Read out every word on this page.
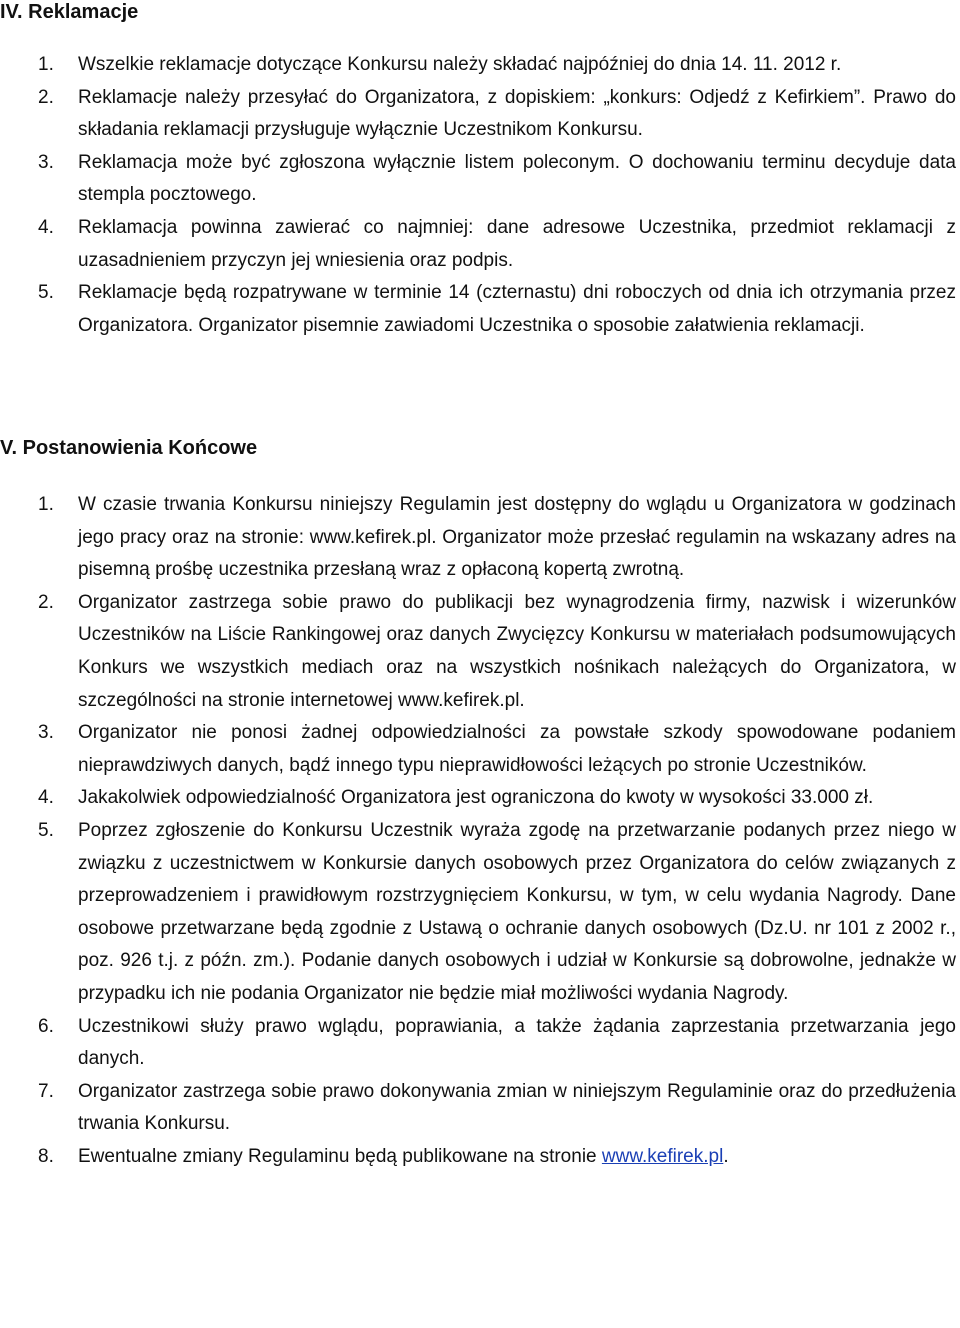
IV. Reklamacje
1.	Wszelkie reklamacje dotyczące Konkursu należy składać najpóźniej do dnia 14. 11. 2012 r.
2.	Reklamacje należy przesyłać do Organizatora, z dopiskiem: „konkurs: Odjedź z Kefirkiem”. Prawo do składania reklamacji przysługuje wyłącznie Uczestnikom Konkursu.
3.	Reklamacja może być zgłoszona wyłącznie listem poleconym. O dochowaniu terminu decyduje data stempla pocztowego.
4.	Reklamacja powinna zawierać co najmniej: dane adresowe Uczestnika, przedmiot reklamacji z uzasadnieniem przyczyn jej wniesienia oraz podpis.
5.	Reklamacje będą rozpatrywane w terminie 14 (czternastu) dni roboczych od dnia ich otrzymania przez Organizatora. Organizator pisemnie zawiadomi Uczestnika o sposobie załatwienia reklamacji.
V. Postanowienia Końcowe
1.	W czasie trwania Konkursu niniejszy Regulamin jest dostępny do wglądu u Organizatora w godzinach jego pracy oraz na stronie: www.kefirek.pl. Organizator może przesłać regulamin na wskazany adres na pisemną prośbę uczestnika przesłaną wraz z opłaconą kopertą zwrotną.
2.	Organizator zastrzega sobie prawo do publikacji bez wynagrodzenia firmy, nazwisk i wizerunków Uczestników na Liście Rankingowej oraz danych Zwycięzcy Konkursu w materiałach podsumowujących Konkurs we wszystkich mediach oraz na wszystkich nośnikach należących do Organizatora, w szczególności na stronie internetowej www.kefirek.pl.
3.	Organizator nie ponosi żadnej odpowiedzialności za powstałe szkody spowodowane podaniem nieprawdziwych danych, bądź innego typu nieprawidłowości leżących po stronie Uczestników.
4.	Jakakolwiek odpowiedzialność Organizatora jest ograniczona do kwoty w wysokości 33.000 zł.
5.	Poprzez zgłoszenie do Konkursu Uczestnik wyraża zgodę na przetwarzanie podanych przez niego w związku z uczestnictwem w Konkursie danych osobowych przez Organizatora do celów związanych z przeprowadzeniem i prawidłowym rozstrzygnięciem Konkursu, w tym, w celu wydania Nagrody. Dane osobowe przetwarzane będą zgodnie z Ustawą o ochranie danych osobowych (Dz.U. nr 101 z 2002 r., poz. 926 t.j. z późn. zm.). Podanie danych osobowych i udział w Konkursie są dobrowolne, jednakże w przypadku ich nie podania Organizator nie będzie miał możliwości wydania Nagrody.
6.	Uczestnikowi służy prawo wglądu, poprawiania, a także żądania zaprzestania przetwarzania jego danych.
7.	Organizator zastrzega sobie prawo dokonywania zmian w niniejszym Regulaminie oraz do przedłużenia trwania Konkursu.
8.	Ewentualne zmiany Regulaminu będą publikowane na stronie www.kefirek.pl.
